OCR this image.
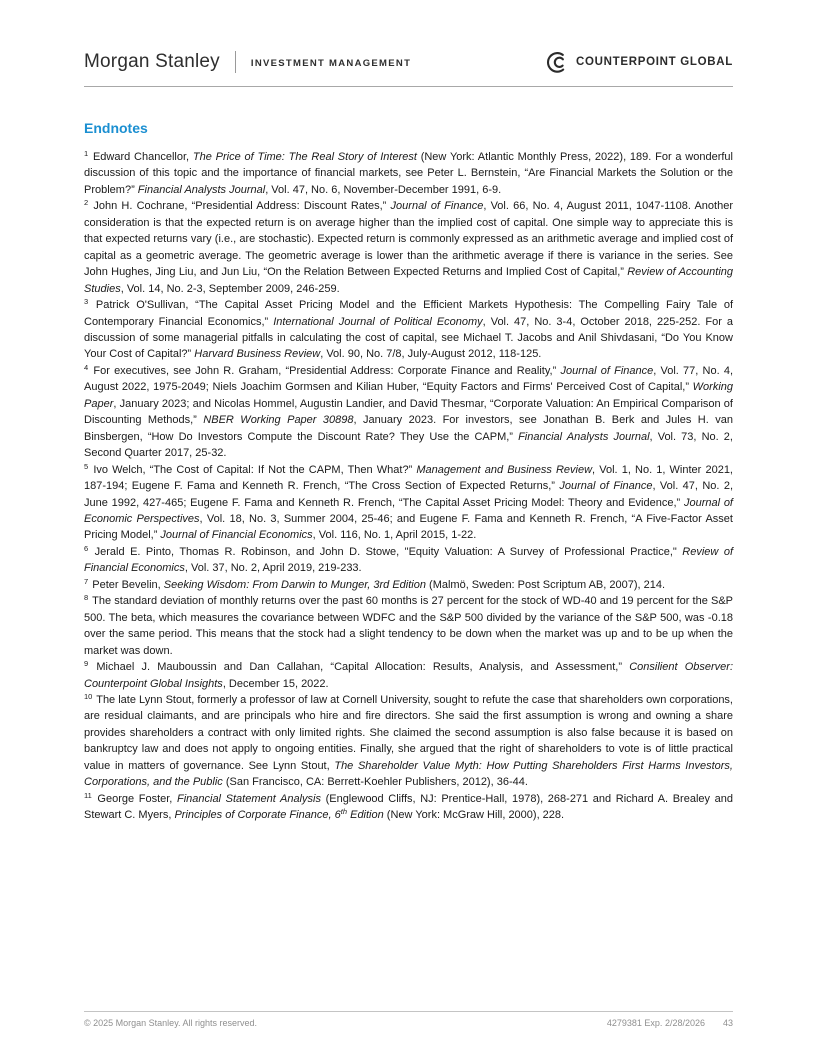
Morgan Stanley	INVESTMENT MANAGEMENT	COUNTERPOINT GLOBAL
Endnotes

$^1$ Edward Chancellor, The Price of Time: The Real Story of Interest (New York: Atlantic Monthly Press, 2022), 189. For a wonderful discussion of this topic and the importance of financial markets, see Peter L. Bernstein, “Are Financial Markets the Solution or the Problem?” Financial Analysts Journal, Vol. 47, No. 6, November-December 1991, 6-9.

$^2$ John H. Cochrane, “Presidential Address: Discount Rates,” Journal of Finance, Vol. 66, No. 4, August 2011, 1047-1108. Another consideration is that the expected return is on average higher than the implied cost of capital. One simple way to appreciate this is that expected returns vary (i.e., are stochastic). Expected return is commonly expressed as an arithmetic average and implied cost of capital as a geometric average. The geometric average is lower than the arithmetic average if there is variance in the series. See John Hughes, Jing Liu, and Jun Liu, “On the Relation Between Expected Returns and Implied Cost of Capital,” Review of Accounting Studies, Vol. 14, No. 2-3, September 2009, 246-259.

$^3$ Patrick O'Sullivan, “The Capital Asset Pricing Model and the Efficient Markets Hypothesis: The Compelling Fairy Tale of Contemporary Financial Economics,” International Journal of Political Economy, Vol. 47, No. 3-4, October 2018, 225-252. For a discussion of some managerial pitfalls in calculating the cost of capital, see Michael T. Jacobs and Anil Shivdasani, “Do You Know Your Cost of Capital?” Harvard Business Review, Vol. 90, No. 7/8, July-August 2012, 118-125.

$^4$ For executives, see John R. Graham, “Presidential Address: Corporate Finance and Reality,” Journal of Finance, Vol. 77, No. 4, August 2022, 1975-2049; Niels Joachim Gormsen and Kilian Huber, “Equity Factors and Firms' Perceived Cost of Capital,” Working Paper, January 2023; and Nicolas Hommel, Augustin Landier, and David Thesmar, “Corporate Valuation: An Empirical Comparison of Discounting Methods,” NBER Working Paper 30898, January 2023. For investors, see Jonathan B. Berk and Jules H. van Binsbergen, “How Do Investors Compute the Discount Rate? They Use the CAPM,” Financial Analysts Journal, Vol. 73, No. 2, Second Quarter 2017, 25-32.

$^5$ Ivo Welch, “The Cost of Capital: If Not the CAPM, Then What?” Management and Business Review, Vol. 1, No. 1, Winter 2021, 187-194; Eugene F. Fama and Kenneth R. French, “The Cross Section of Expected Returns,” Journal of Finance, Vol. 47, No. 2, June 1992, 427-465; Eugene F. Fama and Kenneth R. French, “The Capital Asset Pricing Model: Theory and Evidence,” Journal of Economic Perspectives, Vol. 18, No. 3, Summer 2004, 25-46; and Eugene F. Fama and Kenneth R. French, “A Five-Factor Asset Pricing Model,” Journal of Financial Economics, Vol. 116, No. 1, April 2015, 1-22.

$^6$ Jerald E. Pinto, Thomas R. Robinson, and John D. Stowe, "Equity Valuation: A Survey of Professional Practice," Review of Financial Economics, Vol. 37, No. 2, April 2019, 219-233.

$^7$ Peter Bevelin, Seeking Wisdom: From Darwin to Munger, 3rd Edition (Malmö, Sweden: Post Scriptum AB, 2007), 214.

$^8$ The standard deviation of monthly returns over the past 60 months is 27 percent for the stock of WD-40 and 19 percent for the S&P 500. The beta, which measures the covariance between WDFC and the S&P 500 divided by the variance of the S&P 500, was -0.18 over the same period. This means that the stock had a slight tendency to be down when the market was up and to be up when the market was down.

$^9$ Michael J. Mauboussin and Dan Callahan, “Capital Allocation: Results, Analysis, and Assessment,” Consilient Observer: Counterpoint Global Insights, December 15, 2022.

$^{10}$ The late Lynn Stout, formerly a professor of law at Cornell University, sought to refute the case that shareholders own corporations, are residual claimants, and are principals who hire and fire directors. She said the first assumption is wrong and owning a share provides shareholders a contract with only limited rights. She claimed the second assumption is also false because it is based on bankruptcy law and does not apply to ongoing entities. Finally, she argued that the right of shareholders to vote is of little practical value in matters of governance. See Lynn Stout, The Shareholder Value Myth: How Putting Shareholders First Harms Investors, Corporations, and the Public (San Francisco, CA: Berrett-Koehler Publishers, 2012), 36-44.

$^{11}$ George Foster, Financial Statement Analysis (Englewood Cliffs, NJ: Prentice-Hall, 1978), 268-271 and Richard A. Brealey and Stewart C. Myers, Principles of Corporate Finance, 6th Edition (New York: McGraw Hill, 2000), 228.

© 2025 Morgan Stanley. All rights reserved.	4279381 Exp. 2/28/2026 43
